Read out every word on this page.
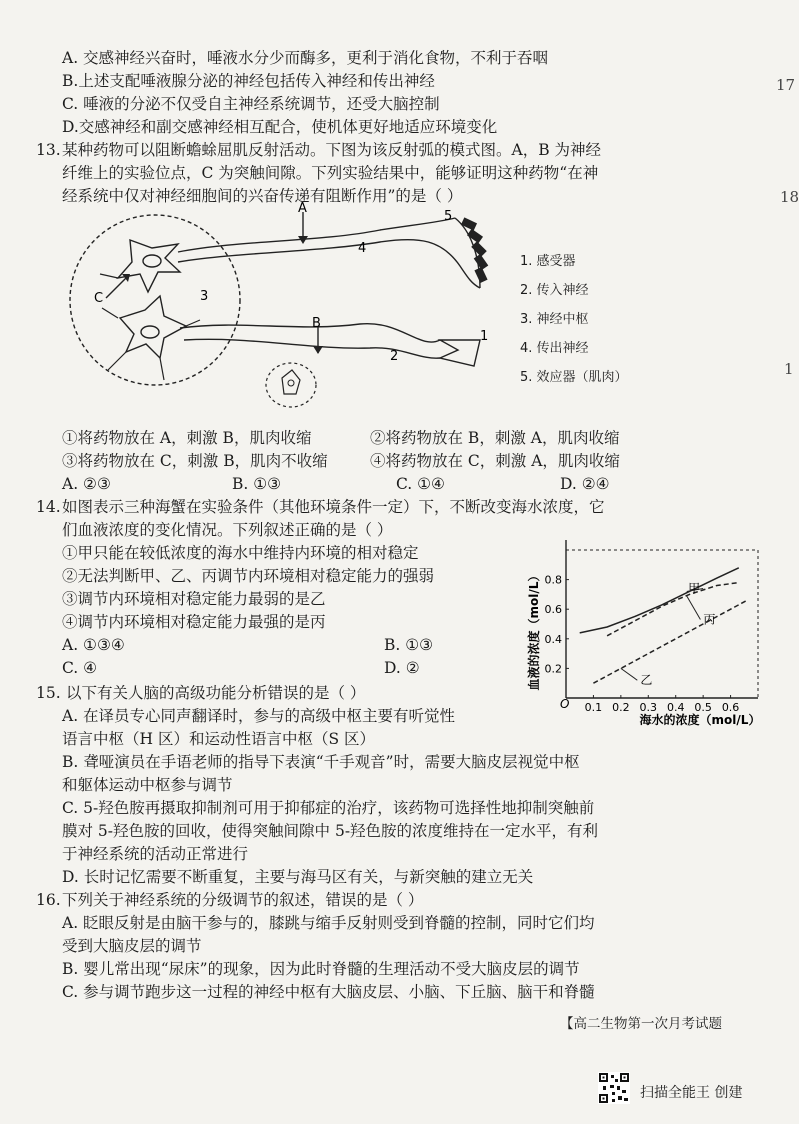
A. 交感神经兴奋时，唾液水分少而酶多，更利于消化食物，不利于吞咽
B.上述支配唾液腺分泌的神经包括传入神经和传出神经
C. 唾液的分泌不仅受自主神经系统调节，还受大脑控制
D.交感神经和副交感神经相互配合，使机体更好地适应环境变化
17
18
1
13. 某种药物可以阻断蟾蜍屈肌反射活动。下图为该反射弧的模式图。A，B 为神经
纤维上的实验位点，C 为突触间隙。下列实验结果中，能够证明这种药物“在神
经系统中仅对神经细胞间的兴奋传递有阻断作用”的是（ ）
A
B
C
1
2
3
4
5
1. 感受器
2. 传入神经
3. 神经中枢
4. 传出神经
5. 效应器（肌肉）
①将药物放在 A，刺激 B，肌肉收缩	②将药物放在 B，刺激 A，肌肉收缩
③将药物放在 C，刺激 B，肌肉不收缩	④将药物放在 C，刺激 A，肌肉收缩
A. ②③	B. ①③	C. ①④	D. ②④
14. 如图表示三种海蟹在实验条件（其他环境条件一定）下，不断改变海水浓度，它
们血液浓度的变化情况。下列叙述正确的是（ ）
①甲只能在较低浓度的海水中维持内环境的相对稳定
②无法判断甲、乙、丙调节内环境相对稳定能力的强弱
③调节内环境相对稳定能力最弱的是乙
④调节内环境相对稳定能力最强的是丙
A. ①③④	B. ①③
C. ④	D. ②
O
血液的浓度（mol/L）
海水的浓度（mol/L）
0.1 0.2 0.3 0.4 0.5 0.6
0.2
0.4
0.6
0.8
甲
乙
丙
15. 以下有关人脑的高级功能分析错误的是（ ）
A. 在译员专心同声翻译时，参与的高级中枢主要有听觉性
语言中枢（H 区）和运动性语言中枢（S 区）
B. 聋哑演员在手语老师的指导下表演“千手观音”时，需要大脑皮层视觉中枢
和躯体运动中枢参与调节
C. 5-羟色胺再摄取抑制剂可用于抑郁症的治疗，该药物可选择性地抑制突触前
膜对 5-羟色胺的回收，使得突触间隙中 5-羟色胺的浓度维持在一定水平，有利
于神经系统的活动正常进行
D. 长时记忆需要不断重复，主要与海马区有关，与新突触的建立无关
16. 下列关于神经系统的分级调节的叙述，错误的是（ ）
A. 眨眼反射是由脑干参与的，膝跳与缩手反射则受到脊髓的控制，同时它们均
受到大脑皮层的调节
B. 婴儿常出现“尿床”的现象，因为此时脊髓的生理活动不受大脑皮层的调节
C. 参与调节跑步这一过程的神经中枢有大脑皮层、小脑、下丘脑、脑干和脊髓
【高二生物第一次月考试题
扫描全能王 创建
